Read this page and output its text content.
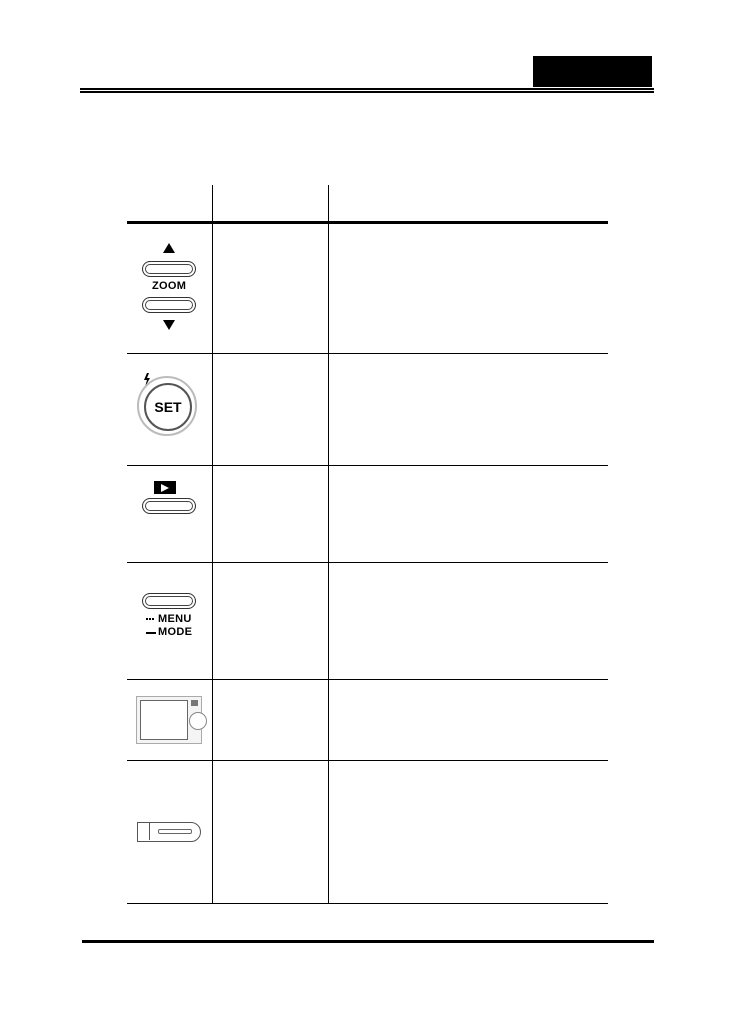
ZOOM
SET
MENU
MODE
